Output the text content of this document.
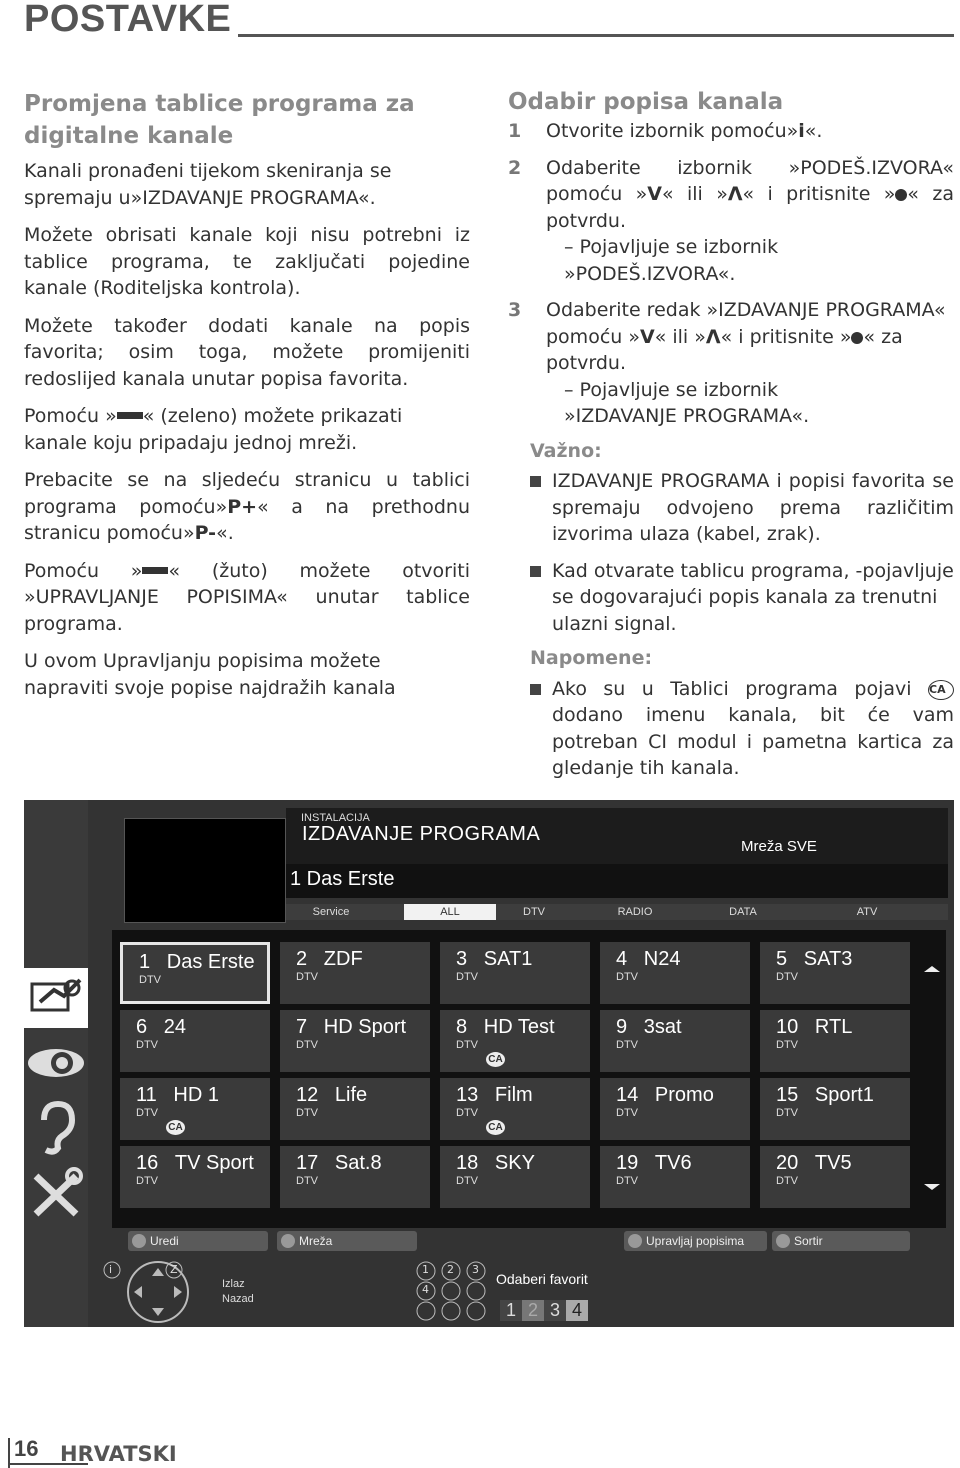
POSTAVKE

Promjena tablice programa za digitalne kanale

Kanali pronađeni tijekom skeniranja se spremaju u»IZDAVANJE PROGRAMA«.

Možete obrisati kanale koji nisu potrebni iz tablice programa, te zaključati pojedine kanale (Roditeljska kontrola).

Možete također dodati kanale na popis favorita; osim toga, možete promijeniti redoslijed kanala unutar popisa favorita.

Pomoću » « (zeleno) možete prikazati kanale koju pripadaju jednoj mreži.

Prebacite se na sljedeću stranicu u tablici programa pomoću»P+« a na prethodnu stranicu pomoću»P-«.

Pomoću » « (žuto) možete otvoriti »UPRAVLJANJE POPISIMA« unutar tablice programa.

U ovom Upravljanju popisima možete napraviti svoje popise najdražih kanala

Odabir popisa kanala

1 Otvorite izbornik pomoću»i«.
2 Odaberite izbornik »PODEŠ.IZVORA« pomoću »V« ili »Λ« i pritisnite » « za potvrdu.
– Pojavljuje se izbornik »PODEŠ.IZVORA«.
3 Odaberite redak »IZDAVANJE PROGRAMA« pomoću »V« ili »Λ« i pritisnite » « za potvrdu.
– Pojavljuje se izbornik »IZDAVANJE PROGRAMA«.

Važno:

IZDAVANJE PROGRAMA i popisi favorita se spremaju odvojeno prema različitim izvorima ulaza (kabel, zrak).
Kad otvarate tablicu programa, -pojavljuje se dogovarajući popis kanala za trenutni ulazni signal.

Napomene:

Ako su u Tablici programa pojavi CA dodano imenu kanala, bit će vam potreban CI modul i pametna kartica za gledanje tih kanala.
INSTALACIJA
IZDAVANJE PROGRAMA
Mreža SVE
1 Das Erste
Service	ALL	DTV	RADIO	DATA	ATV
1   Das Erste
DTV
2   ZDF
DTV
3   SAT1
DTV
4   N24
DTV
5   SAT3
DTV
6   24
DTV
7   HD Sport
DTV
8   HD Test
DTV
CA
9   3sat
DTV
10   RTL
DTV
11   HD 1
DTV
CA
12   Life
DTV
13   Film
DTV
CA
14   Promo
DTV
15   Sport1
DTV
16   TV Sport
DTV
17   Sat.8
DTV
18   SKY
DTV
19   TV6
DTV
20   TV5
DTV
Uredi	Mreža	Upravljaj popisima	Sortir
i	Z
Izlaz
Nazad
1 2 3
4
Odaberi favorit
1 2 3 4
16 HRVATSKI
